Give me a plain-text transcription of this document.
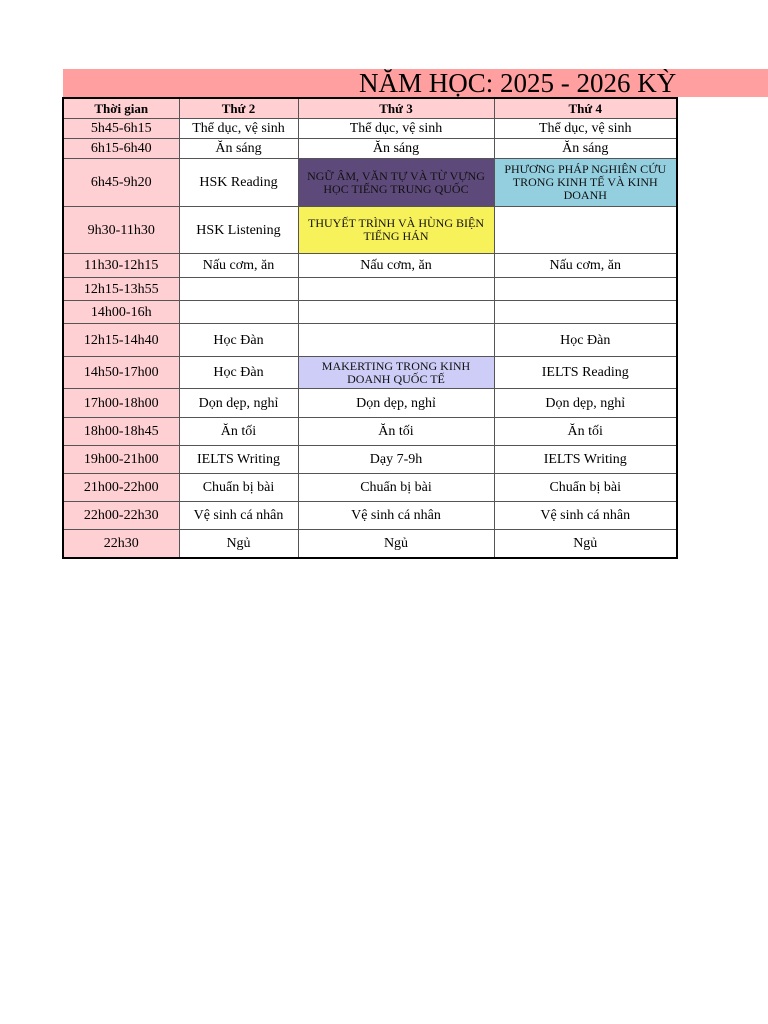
NĂM HỌC: 2025 - 2026 KỲ
Thời gian	Thứ 2	Thứ 3	Thứ 4
5h45-6h15	Thể dục, vệ sinh	Thể dục, vệ sinh	Thể dục, vệ sinh
6h15-6h40	Ăn sáng	Ăn sáng	Ăn sáng
6h45-9h20	HSK Reading	NGỮ ÂM, VĂN TỰ VÀ TỪ VỰNG HỌC TIẾNG TRUNG QUỐC	PHƯƠNG PHÁP NGHIÊN CỨU TRONG KINH TẾ VÀ KINH DOANH
9h30-11h30	HSK Listening	THUYẾT TRÌNH VÀ HÙNG BIỆN TIẾNG HÁN	
11h30-12h15	Nấu cơm, ăn	Nấu cơm, ăn	Nấu cơm, ăn
12h15-13h55			
14h00-16h			
12h15-14h40	Học Đàn		Học Đàn
14h50-17h00	Học Đàn	MAKERTING TRONG KINH DOANH QUỐC TẾ	IELTS Reading
17h00-18h00	Dọn dẹp, nghỉ	Dọn dẹp, nghỉ	Dọn dẹp, nghỉ
18h00-18h45	Ăn tối	Ăn tối	Ăn tối
19h00-21h00	IELTS Writing	Dạy 7-9h	IELTS Writing
21h00-22h00	Chuẩn bị bài	Chuẩn bị bài	Chuẩn bị bài
22h00-22h30	Vệ sinh cá nhân	Vệ sinh cá nhân	Vệ sinh cá nhân
22h30	Ngủ	Ngủ	Ngủ
